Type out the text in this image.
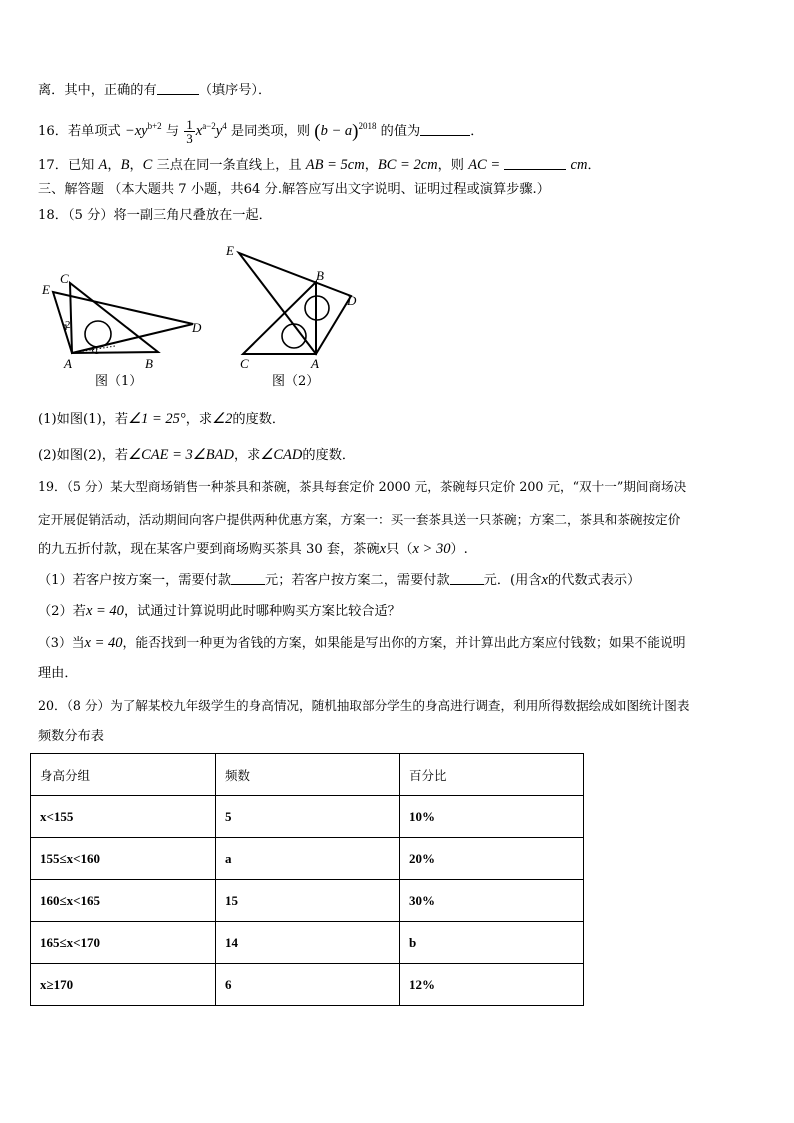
离．其中，正确的有	（填序号）．
16．若单项式 $-xy^{b+2}$ 与 $\frac{1}{3} x^{a-2}y^4$ 是同类项，则 $(b - a)^{2018}$ 的值为	．
17．已知 A，B，C 三点在同一条直线上，且 AB = 5cm，BC = 2cm，则 AC =	cm．
三、解答题 （本大题共 7 小题，共64 分.解答应写出文字说明、证明过程或演算步骤.）
18．（5 分）将一副三角尺叠放在一起．
E
C
D
A	B
2
1
图（1）
E
B
D
C	A
图（2）
(1)如图(1)，若∠1 = 25°，求∠2的度数．
(2)如图(2)，若∠CAE = 3∠BAD，求∠CAD的度数．
19．（5 分）某大型商场销售一种茶具和茶碗，茶具每套定价 2000 元，茶碗每只定价 200 元，“双十一”期间商场决
定开展促销活动，活动期间向客户提供两种优惠方案，方案一：买一套茶具送一只茶碗；方案二，茶具和茶碗按定价
的九五折付款，现在某客户要到商场购买茶具 30 套，茶碗x只（x > 30）.
（1）若客户按方案一，需要付款	元；若客户按方案二，需要付款	元．(用含x的代数式表示）
（2）若x = 40，试通过计算说明此时哪种购买方案比较合适？
（3）当x = 40，能否找到一种更为省钱的方案，如果能是写出你的方案，并计算出此方案应付钱数；如果不能说明
理由．
20．（8 分）为了解某校九年级学生的身高情况，随机抽取部分学生的身高进行调查，利用所得数据绘成如图统计图表
频数分布表
身高分组	频数	百分比
x<155	5	10%
155≤x<160	a	20%
160≤x<165	15	30%
165≤x<170	14	b
x≥170	6	12%
